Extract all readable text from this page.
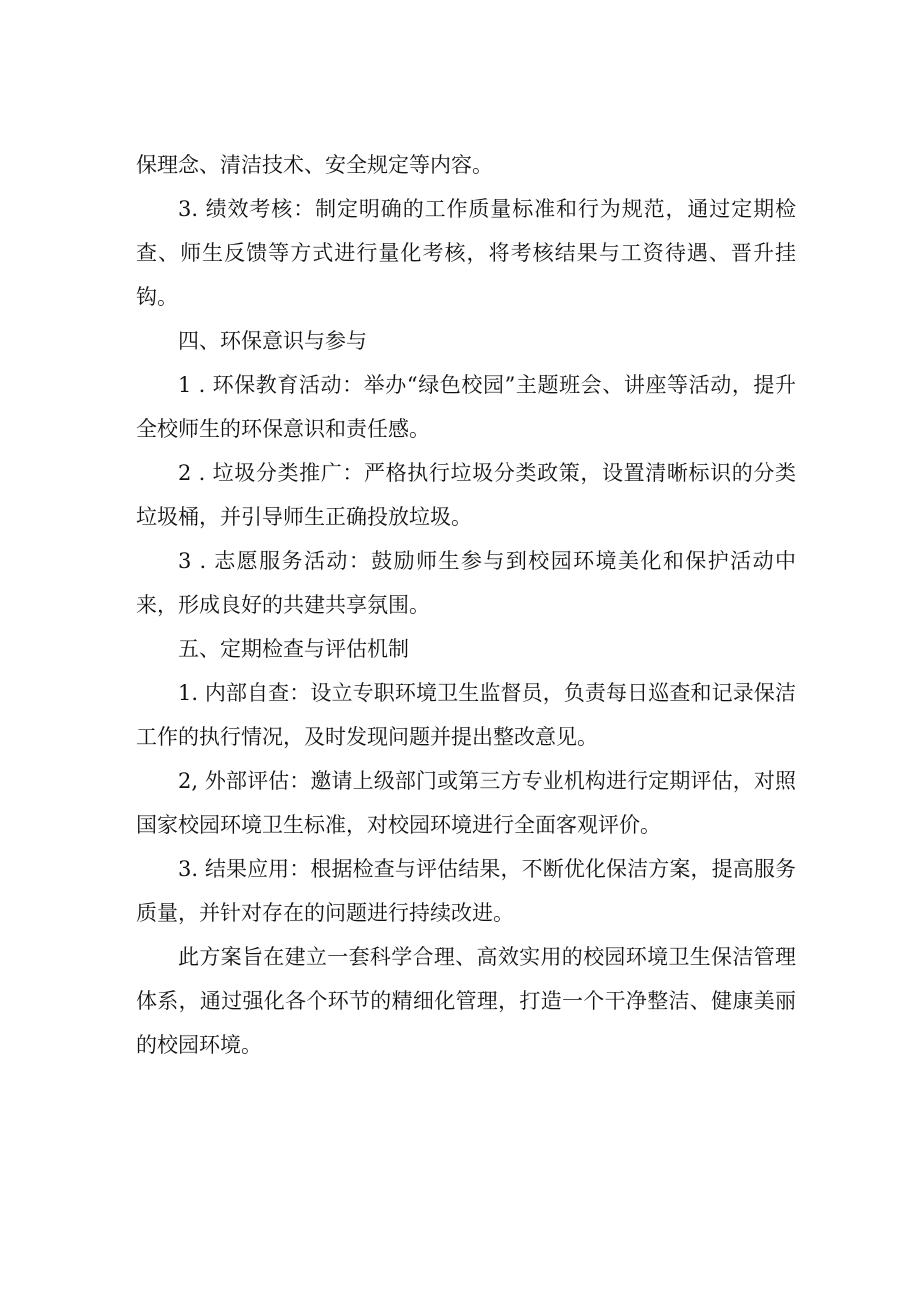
保理念、清洁技术、安全规定等内容。

3. 绩效考核：制定明确的工作质量标准和行为规范，通过定期检查、师生反馈等方式进行量化考核，将考核结果与工资待遇、晋升挂钩。

四、环保意识与参与

1 . 环保教育活动：举办“绿色校园”主题班会、讲座等活动，提升全校师生的环保意识和责任感。

2 . 垃圾分类推广：严格执行垃圾分类政策，设置清晰标识的分类垃圾桶，并引导师生正确投放垃圾。

3 . 志愿服务活动：鼓励师生参与到校园环境美化和保护活动中来，形成良好的共建共享氛围。

五、定期检查与评估机制

1. 内部自查：设立专职环境卫生监督员，负责每日巡查和记录保洁工作的执行情况，及时发现问题并提出整改意见。

2, 外部评估：邀请上级部门或第三方专业机构进行定期评估，对照国家校园环境卫生标准，对校园环境进行全面客观评价。

3. 结果应用：根据检查与评估结果，不断优化保洁方案，提高服务质量，并针对存在的问题进行持续改进。

此方案旨在建立一套科学合理、高效实用的校园环境卫生保洁管理体系，通过强化各个环节的精细化管理，打造一个干净整洁、健康美丽的校园环境。
